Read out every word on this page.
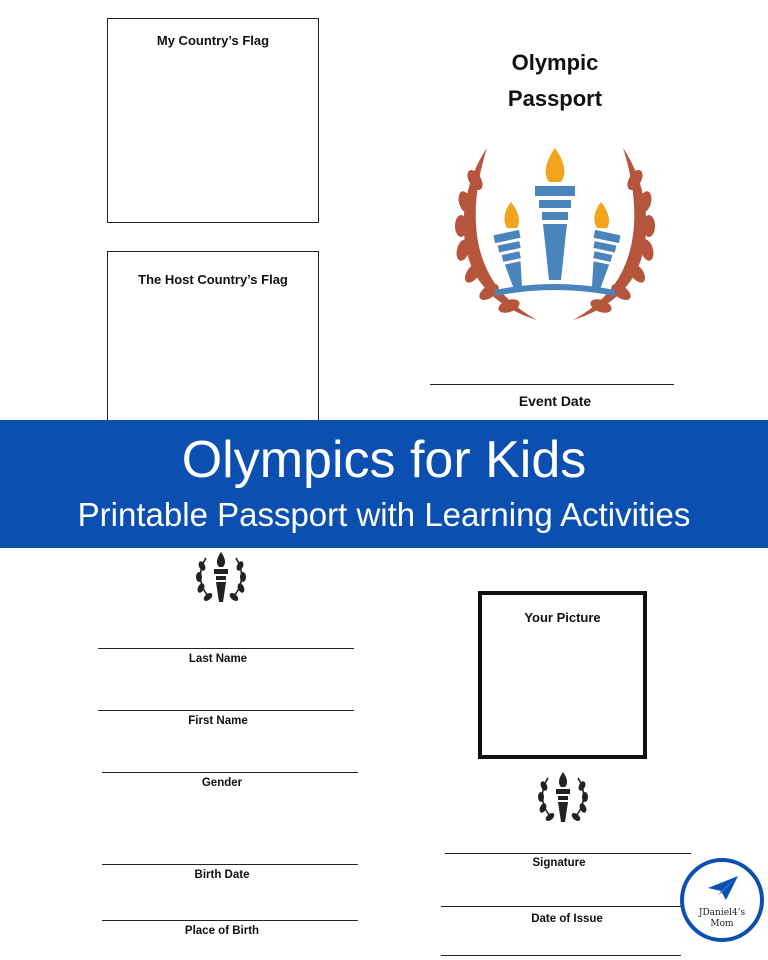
My Country’s Flag
The Host Country’s Flag
Olympic
Passport
Event Date
Olympics for Kids
Printable Passport with Learning Activities
Last Name
First Name
Gender
Birth Date
Place of Birth
Your Picture
Signature
Date of Issue	JDaniel4’s
Mom
